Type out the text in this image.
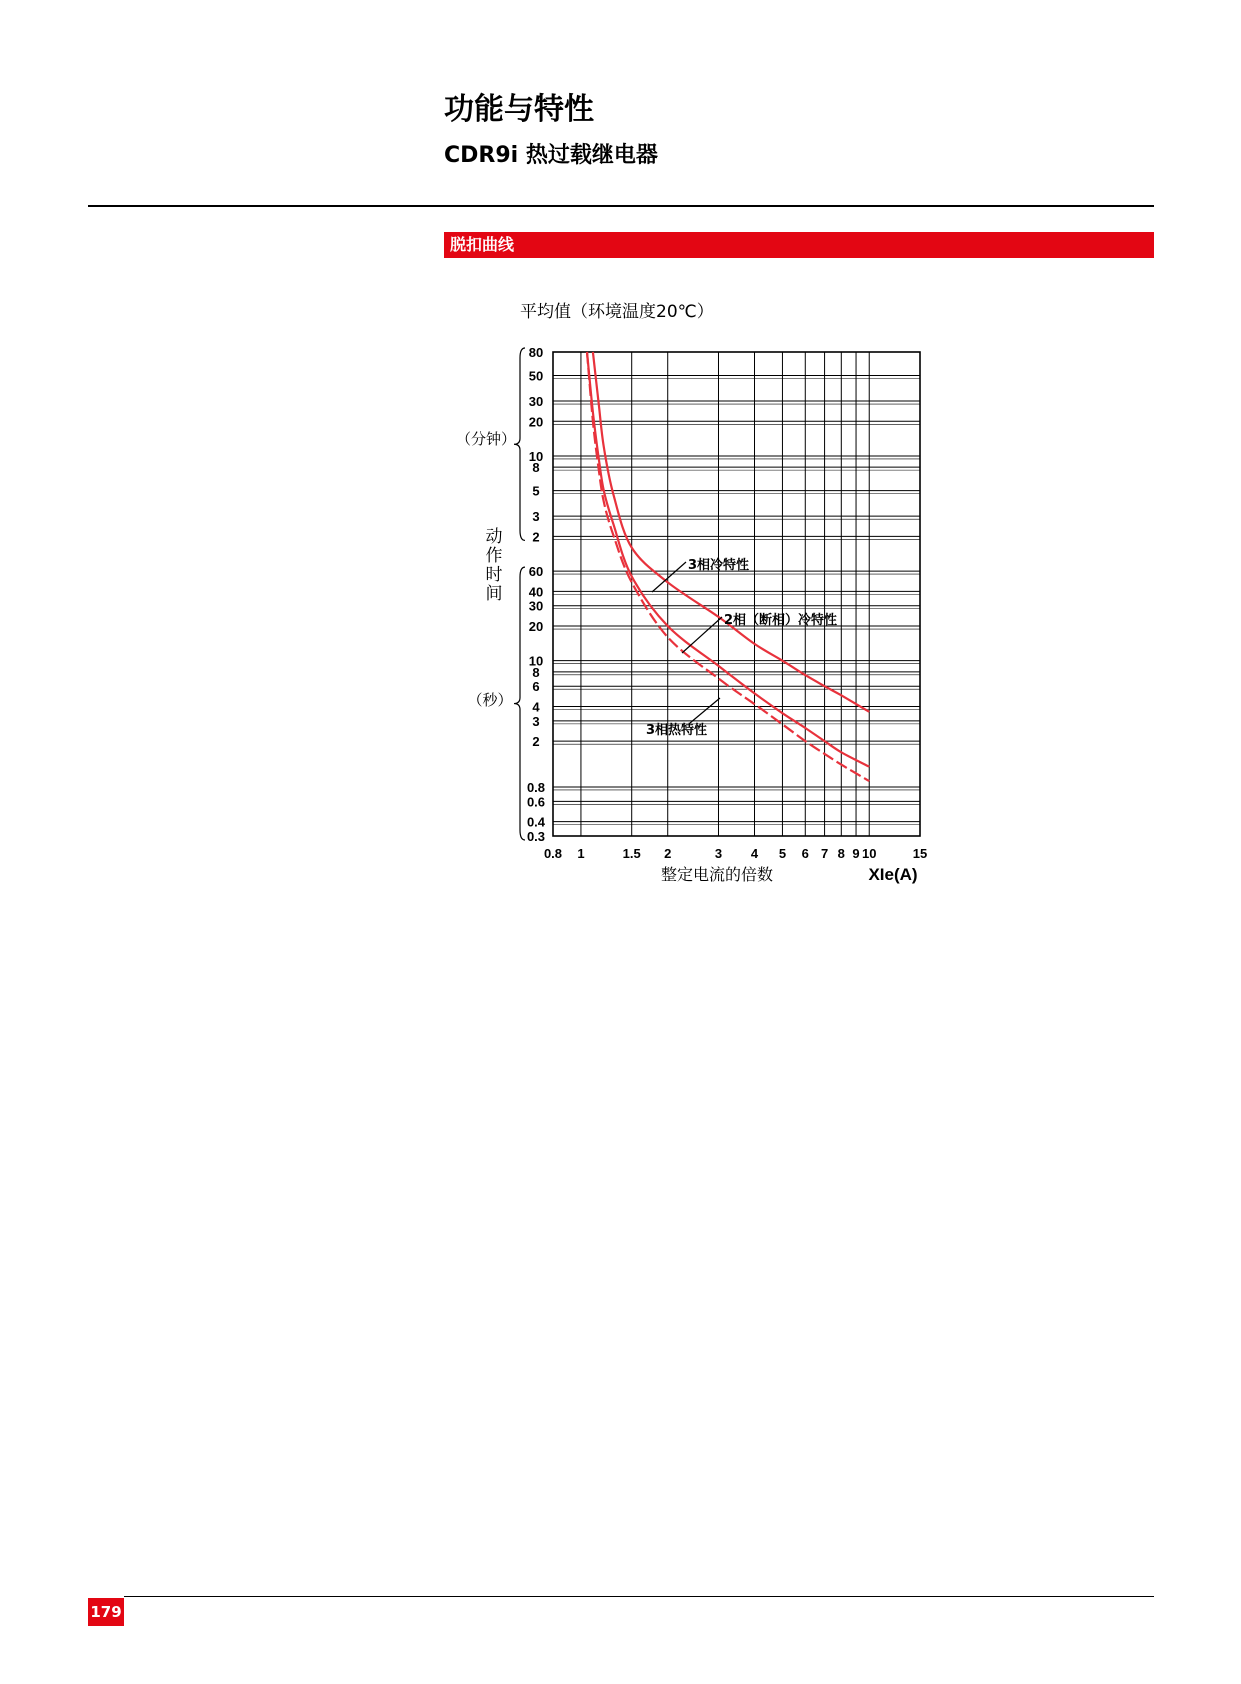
功能与特性
CDR9i 热过载继电器
脱扣曲线
0.8 1	1.5 2	3 4 5 6 7 8 9 10	15
80
50
30
20
10
8
5
3
2
60
40
30
20
10
8
6
4
3
2
0.8
0.6
0.4
0.3
平均值（环境温度20℃）
整定电流的倍数	XIe(A)
（分钟）
（秒）
动
作
时
间
3相冷特性
2相（断相）冷特性
3相热特性
179
